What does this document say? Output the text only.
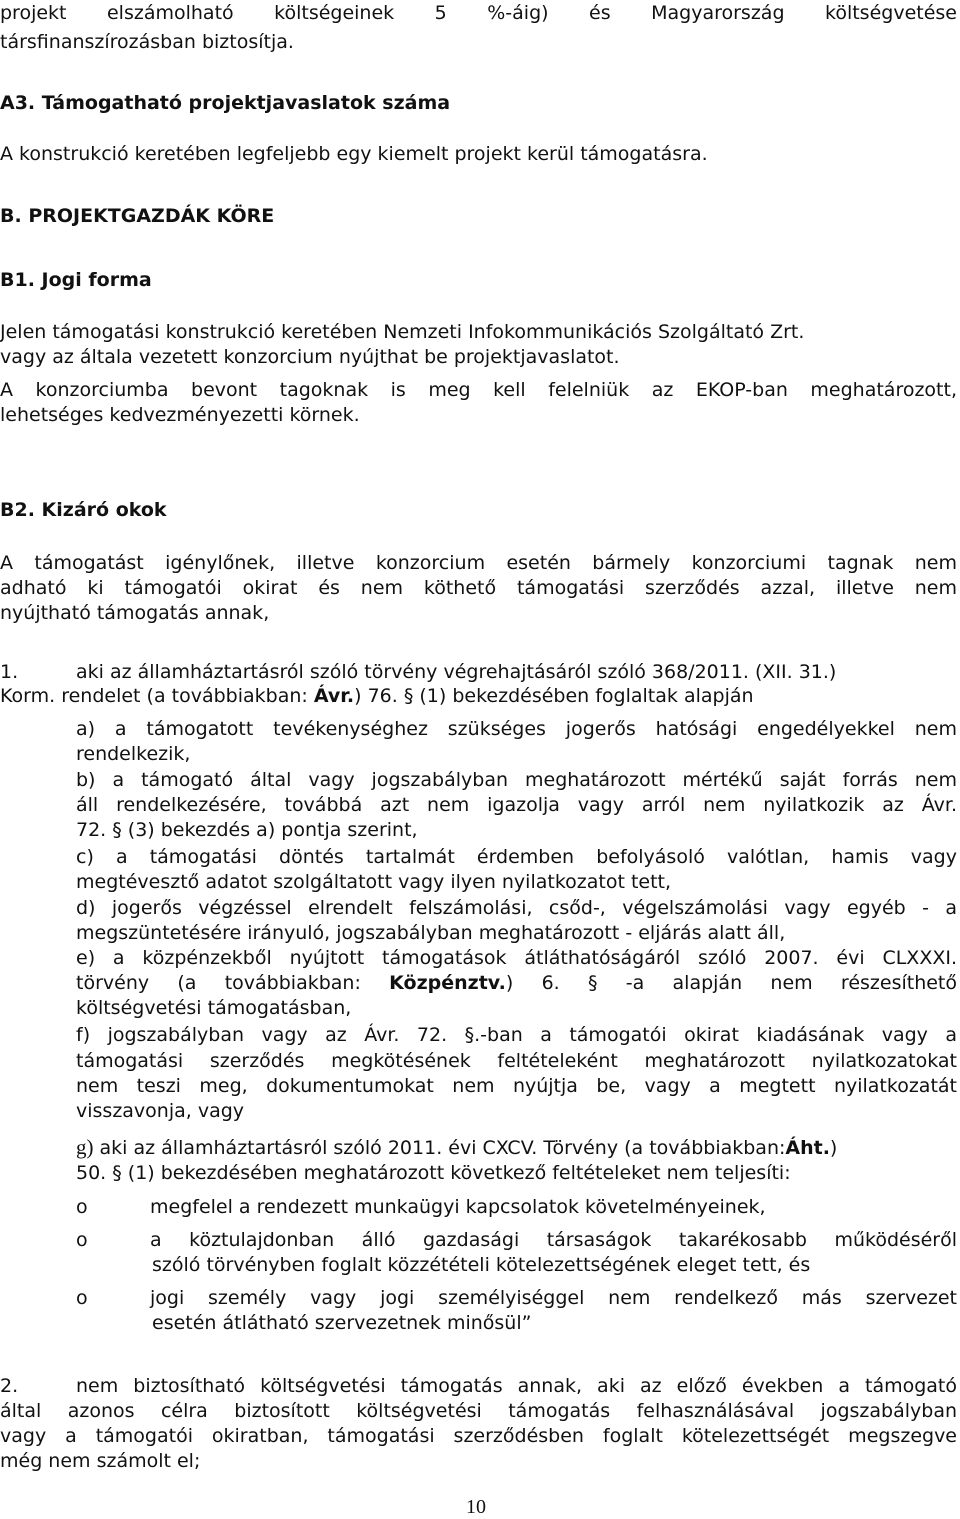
projekt elszámolható költségeinek 5 %-áig) és Magyarország költségvetése
társfinanszírozásban biztosítja.
A3. Támogatható projektjavaslatok száma
A konstrukció keretében legfeljebb egy kiemelt projekt kerül támogatásra.
B. PROJEKTGAZDÁK KÖRE
B1. Jogi forma
Jelen támogatási konstrukció keretében Nemzeti Infokommunikációs Szolgáltató Zrt.
vagy az általa vezetett konzorcium nyújthat be projektjavaslatot.
A konzorciumba bevont tagoknak is meg kell felelniük az EKOP-ban meghatározott,
lehetséges kedvezményezetti körnek.
B2. Kizáró okok
A támogatást igénylőnek, illetve konzorcium esetén bármely konzorciumi tagnak nem
adható ki támogatói okirat és nem köthető támogatási szerződés azzal, illetve nem
nyújtható támogatás annak,
1.	aki az államháztartásról szóló törvény végrehajtásáról szóló 368/2011. (XII. 31.)
Korm. rendelet (a továbbiakban: Ávr.) 76. § (1) bekezdésében foglaltak alapján
a) a támogatott tevékenységhez szükséges jogerős hatósági engedélyekkel nem
rendelkezik,
b) a támogató által vagy jogszabályban meghatározott mértékű saját forrás nem
áll rendelkezésére, továbbá azt nem igazolja vagy arról nem nyilatkozik az Ávr.
72. § (3) bekezdés a) pontja szerint,
c) a támogatási döntés tartalmát érdemben befolyásoló valótlan, hamis vagy
megtévesztő adatot szolgáltatott vagy ilyen nyilatkozatot tett,
d) jogerős végzéssel elrendelt felszámolási, csőd-, végelszámolási vagy egyéb - a
megszüntetésére irányuló, jogszabályban meghatározott - eljárás alatt áll,
e) a közpénzekből nyújtott támogatások átláthatóságáról szóló 2007. évi CLXXXI.
törvény (a továbbiakban: Közpénztv.) 6. § -a alapján nem részesíthető
költségvetési támogatásban,
f) jogszabályban vagy az Ávr. 72. §.-ban a támogatói okirat kiadásának vagy a
támogatási szerződés megkötésének feltételeként meghatározott nyilatkozatokat
nem teszi meg, dokumentumokat nem nyújtja be, vagy a megtett nyilatkozatát
visszavonja, vagy
g) aki az államháztartásról szóló 2011. évi CXCV. Törvény (a továbbiakban:Áht.)
50. § (1) bekezdésében meghatározott következő feltételeket nem teljesíti:
o	megfelel a rendezett munkaügyi kapcsolatok követelményeinek,
o	a köztulajdonban álló gazdasági társaságok takarékosabb működéséről
szóló törvényben foglalt közzétételi kötelezettségének eleget tett, és
o	jogi személy vagy jogi személyiséggel nem rendelkező más szervezet
esetén átlátható szervezetnek minősül”
2.	nem biztosítható költségvetési támogatás annak, aki az előző években a támogató
által azonos célra biztosított költségvetési támogatás felhasználásával jogszabályban
vagy a támogatói okiratban, támogatási szerződésben foglalt kötelezettségét megszegve
még nem számolt el;
10
